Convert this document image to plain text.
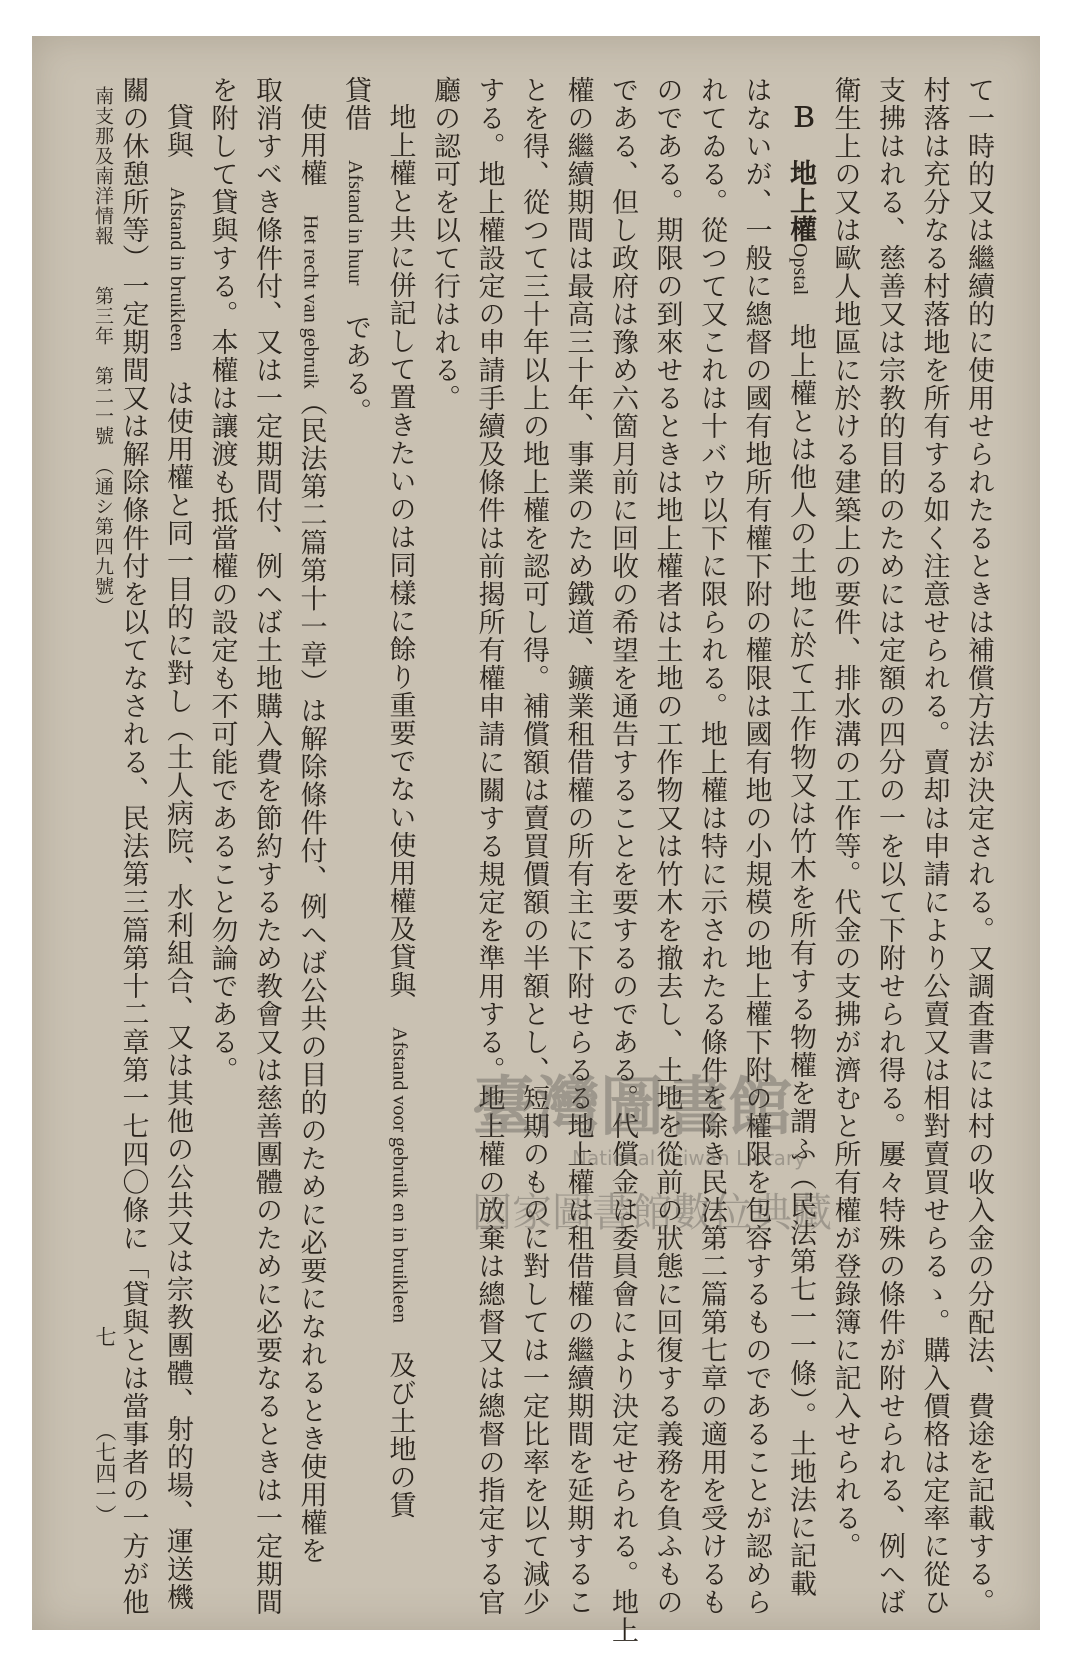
て一時的又は繼續的に使用せられたるときは補償方法が決定される。又調査書には村の收入金の分配法、費途を記載する。
村落は充分なる村落地を所有する如く注意せられる。賣却は申請により公賣又は相對賣買せらるゝ。購入價格は定率に從ひ
支拂はれる、慈善又は宗教的目的のためには定額の四分の一を以て下附せられ得る。屢々特殊の條件が附せられる、例へば
衛生上の又は歐人地區に於ける建築上の要件、排水溝の工作等。代金の支拂が濟むと所有權が登錄簿に記入せられる。
Ｂ　地上權Opstal　地上權とは他人の土地に於て工作物又は竹木を所有する物權を謂ふ（民法第七一一條）。土地法に記載
はないが、一般に總督の國有地所有權下附の權限は國有地の小規模の地上權下附の權限を包容するものであることが認めら
れてゐる。從つて又これは十バウ以下に限られる。地上權は特に示されたる條件を除き民法第二篇第七章の適用を受けるも
のである。期限の到來せるときは地上權者は土地の工作物又は竹木を撤去し、土地を從前の狀態に回復する義務を負ふもの
である、但し政府は豫め六箇月前に回收の希望を通告することを要するのである。代償金は委員會により決定せられる。地上
權の繼續期間は最高三十年、事業のため鐵道、鑛業租借權の所有主に下附せらるる地上權は租借權の繼續期間を延期するこ
とを得、從つて三十年以上の地上權を認可し得。補償額は賣買價額の半額とし、短期のものに對しては一定比率を以て減少
する。地上權設定の申請手續及條件は前揭所有權申請に關する規定を準用する。地上權の放棄は總督又は總督の指定する官
廳の認可を以て行はれる。
地上權と共に併記して置きたいのは同樣に餘り重要でない使用權及貸與　Afstand voor gebruik en in bruikleen　及び土地の賃
貸借　Afstand in huur　である。
使用權　Het recht van gebruik（民法第二篇第十一章）は解除條件付、例へば公共の目的のために必要になれるとき使用權を
取消すべき條件付、又は一定期間付、例へば土地購入費を節約するため教會又は慈善團體のために必要なるときは一定期間
を附して貸與する。本權は讓渡も抵當權の設定も不可能であること勿論である。
貸與　Afstand in bruikleen　は使用權と同一目的に對し（土人病院、水利組合、又は其他の公共又は宗教團體、射的場、運送機
關の休憩所等）一定期間又は解除條件付を以てなされる、民法第三篇第十二章第一七四〇條に「貸與とは當事者の一方が他
南支那及南洋情報　　第三年　第二一號　（通シ第四九號）
七  （七四一）
臺灣圖書館
National Taiwan Library
國家圖書館數位典藏
